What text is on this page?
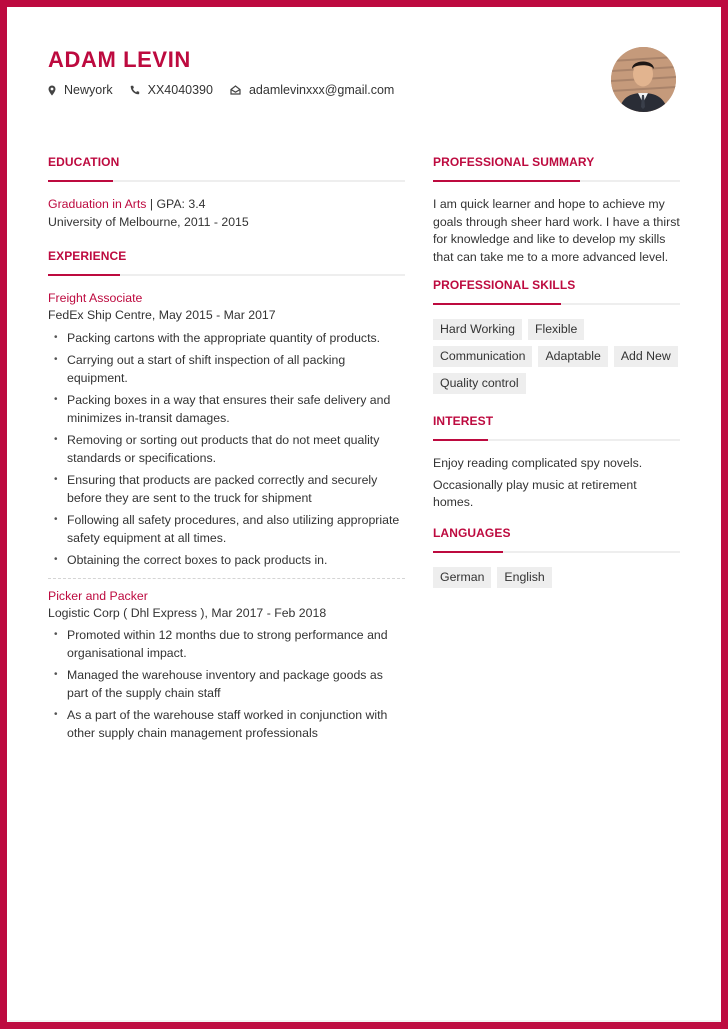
ADAM LEVIN
Newyork	XX4040390	adamlevinxxx@gmail.com
EDUCATION
Graduation in Arts | GPA: 3.4
University of Melbourne, 2011 - 2015
EXPERIENCE
Freight Associate
FedEx Ship Centre, May 2015 - Mar 2017
• Packing cartons with the appropriate quantity of products.
• Carrying out a start of shift inspection of all packing equipment.
• Packing boxes in a way that ensures their safe delivery and minimizes in-transit damages.
• Removing or sorting out products that do not meet quality standards or specifications.
• Ensuring that products are packed correctly and securely before they are sent to the truck for shipment
• Following all safety procedures, and also utilizing appropriate safety equipment at all times.
• Obtaining the correct boxes to pack products in.
Picker and Packer
Logistic Corp ( Dhl Express ), Mar 2017 - Feb 2018
• Promoted within 12 months due to strong performance and organisational impact.
• Managed the warehouse inventory and package goods as part of the supply chain staff
• As a part of the warehouse staff worked in conjunction with other supply chain management professionals
PROFESSIONAL SUMMARY
I am quick learner and hope to achieve my goals through sheer hard work. I have a thirst for knowledge and like to develop my skills that can take me to a more advanced level.
PROFESSIONAL SKILLS
Hard Working	Flexible
Communication	Adaptable	Add New
Quality control
INTEREST
Enjoy reading complicated spy novels.
Occasionally play music at retirement homes.
LANGUAGES
German	English
